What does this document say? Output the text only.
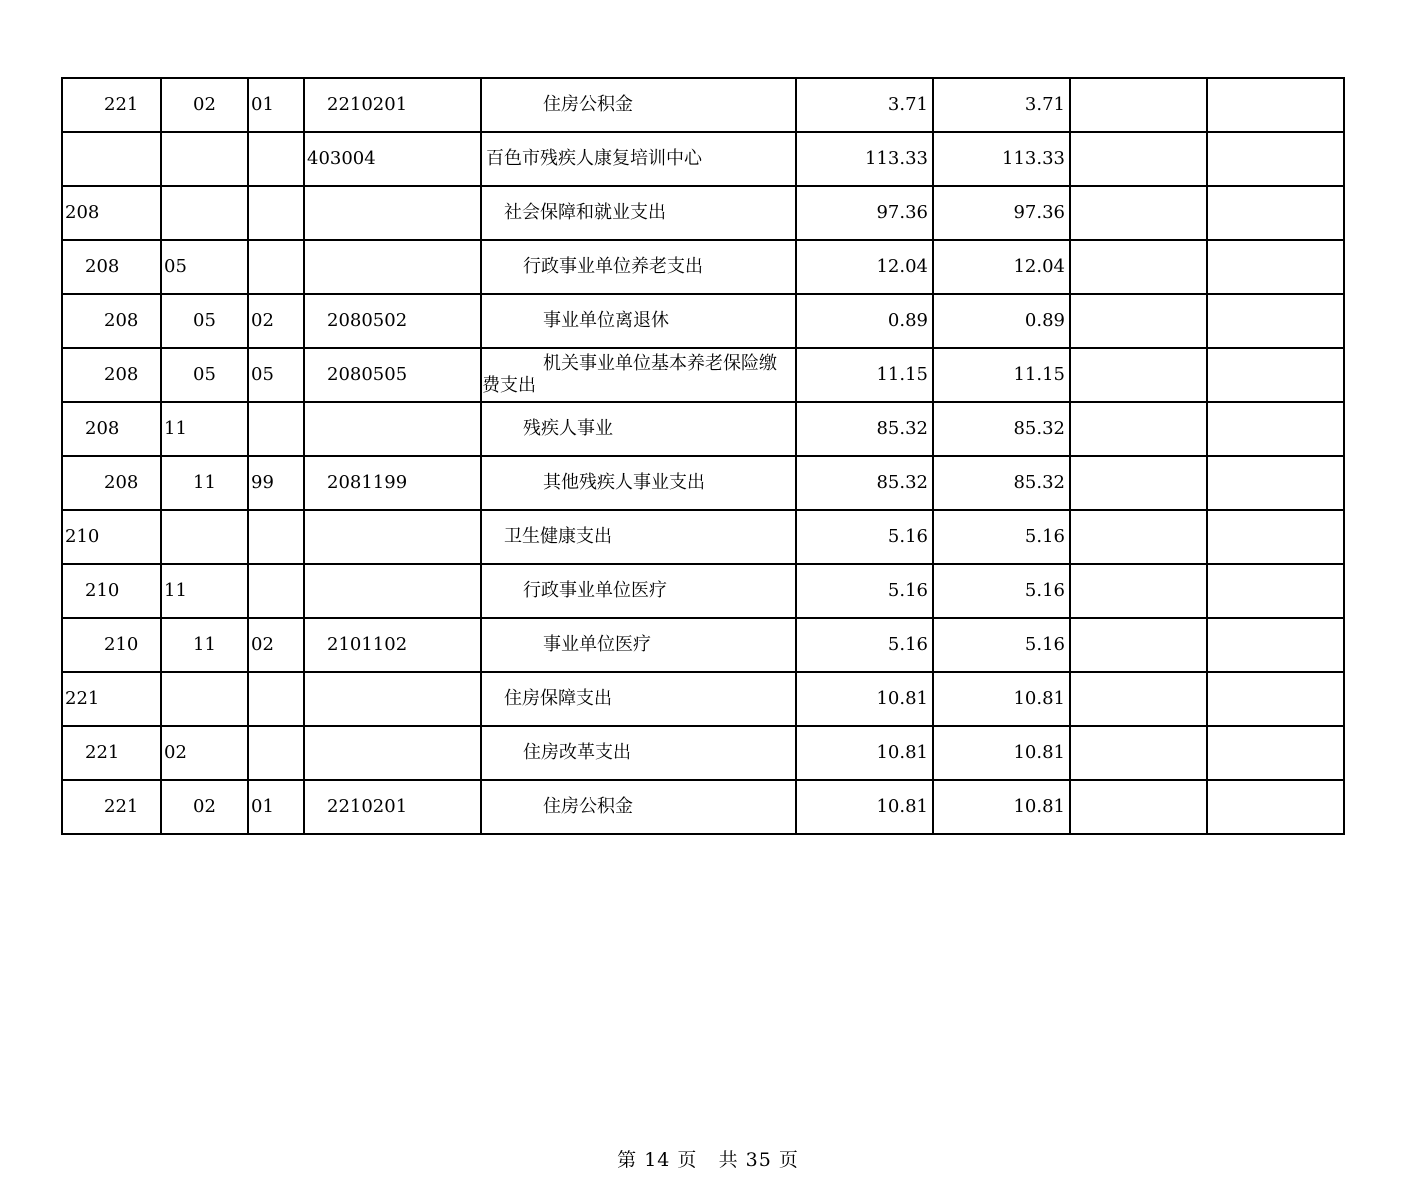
221	02	01	2210201	住房公积金	3.71	3.71		
			403004	百色市残疾人康复培训中心	113.33	113.33		
208				社会保障和就业支出	97.36	97.36		
208	05			行政事业单位养老支出	12.04	12.04		
208	05	02	2080502	事业单位离退休	0.89	0.89		
208	05	05	2080505	机关事业单位基本养老保险缴
费支出	11.15	11.15		
208	11			残疾人事业	85.32	85.32		
208	11	99	2081199	其他残疾人事业支出	85.32	85.32		
210				卫生健康支出	5.16	5.16		
210	11			行政事业单位医疗	5.16	5.16		
210	11	02	2101102	事业单位医疗	5.16	5.16		
221				住房保障支出	10.81	10.81		
221	02			住房改革支出	10.81	10.81		
221	02	01	2210201	住房公积金	10.81	10.81		
第 14 页 共 35 页
